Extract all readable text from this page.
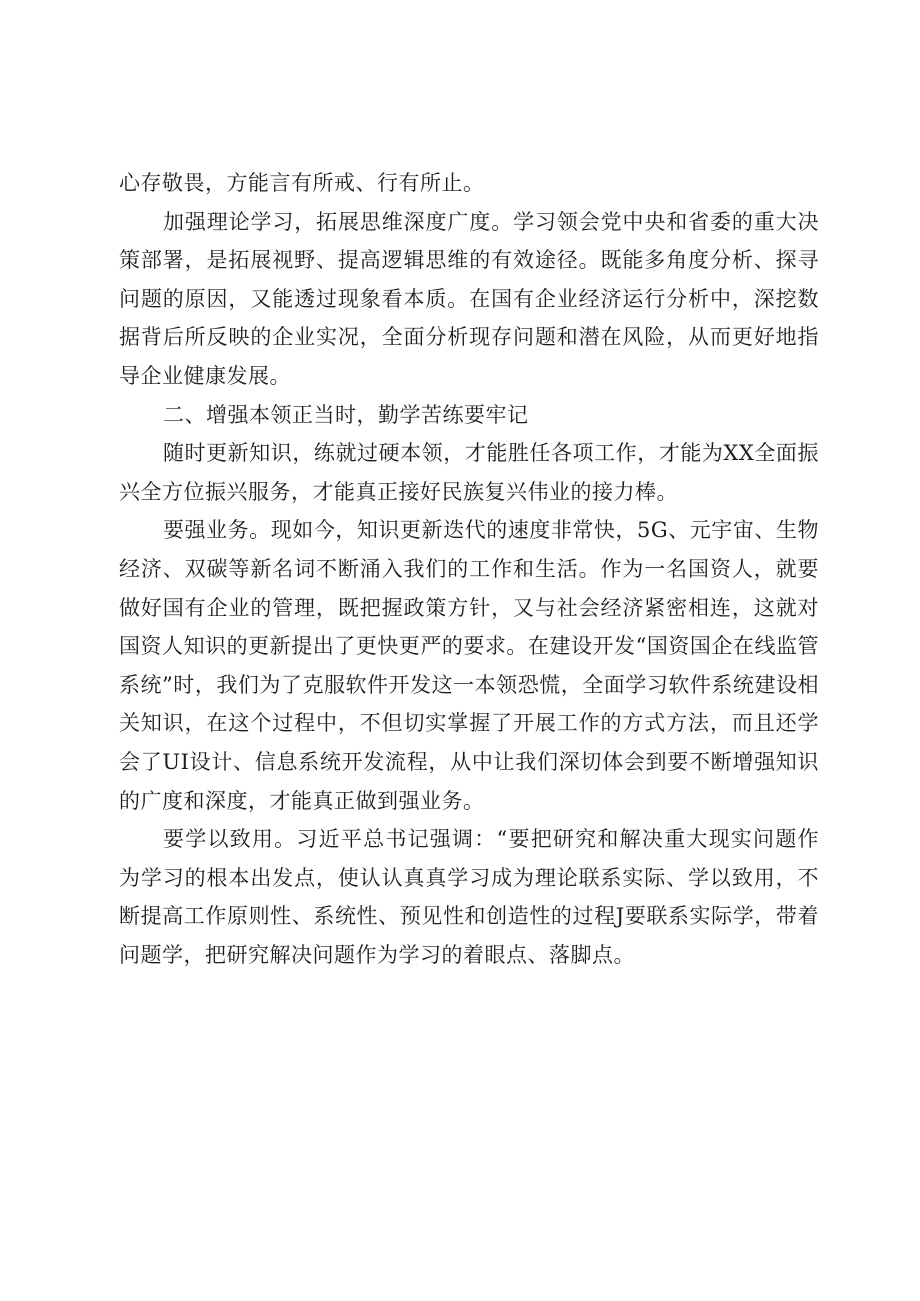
心存敬畏，方能言有所戒、行有所止。

加强理论学习，拓展思维深度广度。学习领会党中央和省委的重大决策部署，是拓展视野、提高逻辑思维的有效途径。既能多角度分析、探寻问题的原因，又能透过现象看本质。在国有企业经济运行分析中，深挖数据背后所反映的企业实况，全面分析现存问题和潜在风险，从而更好地指导企业健康发展。

二、增强本领正当时，勤学苦练要牢记

随时更新知识，练就过硬本领，才能胜任各项工作，才能为XX全面振兴全方位振兴服务，才能真正接好民族复兴伟业的接力棒。

要强业务。现如今，知识更新迭代的速度非常快，5G、元宇宙、生物经济、双碳等新名词不断涌入我们的工作和生活。作为一名国资人，就要做好国有企业的管理，既把握政策方针，又与社会经济紧密相连，这就对国资人知识的更新提出了更快更严的要求。在建设开发“国资国企在线监管系统”时，我们为了克服软件开发这一本领恐慌，全面学习软件系统建设相关知识，在这个过程中，不但切实掌握了开展工作的方式方法，而且还学会了UI设计、信息系统开发流程，从中让我们深切体会到要不断增强知识的广度和深度，才能真正做到强业务。

要学以致用。习近平总书记强调：“要把研究和解决重大现实问题作为学习的根本出发点，使认认真真学习成为理论联系实际、学以致用，不断提高工作原则性、系统性、预见性和创造性的过程J要联系实际学，带着问题学，把研究解决问题作为学习的着眼点、落脚点。
